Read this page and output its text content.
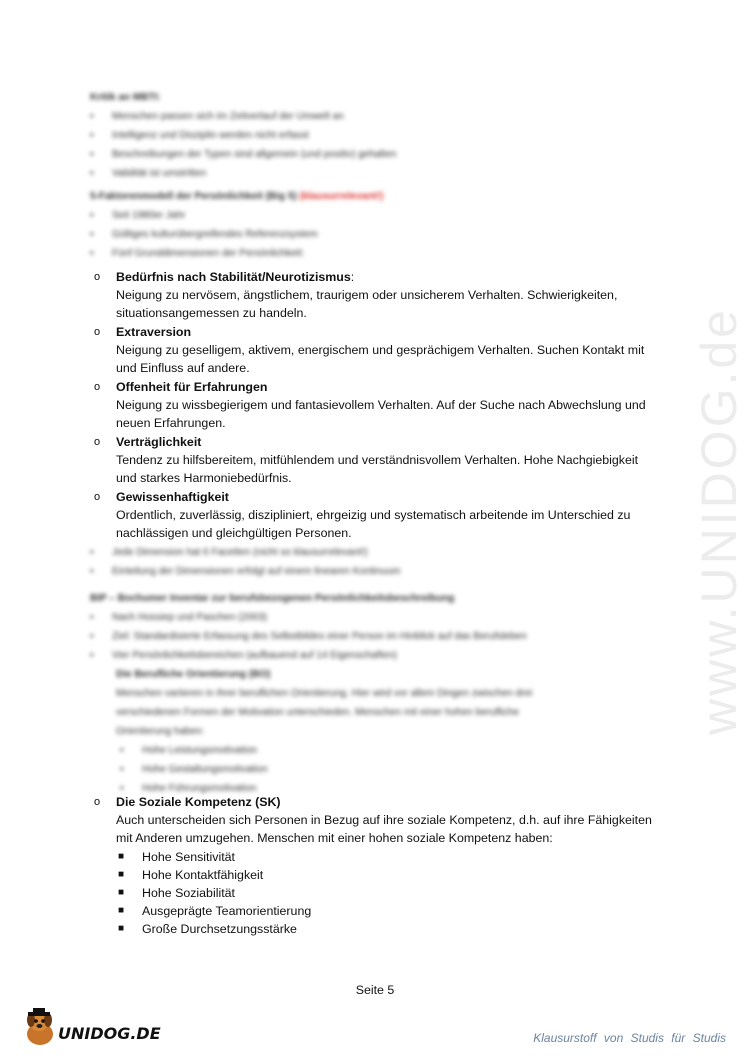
www.UNIDOG.de
Kritik an MBTI:
▪ Menschen passen sich im Zeitverlauf der Umwelt an
▪ Intelligenz und Disziplin werden nicht erfasst
▪ Beschreibungen der Typen sind allgemein (und positiv) gehalten
▪ Validität ist umstritten
5-Faktorenmodell der Persönlichkeit (Big 5) (klausurrelevant!)
▪ Seit 1980er Jahr
▪ Gültiges kulturübergreifendes Referenzsystem
▪ Fünf Grunddimensionen der Persönlichkeit:
o Bedürfnis nach Stabilität/Neurotizismus:
Neigung zu nervösem, ängstlichem, traurigem oder unsicherem Verhalten. Schwierigkeiten, situationsangemessen zu handeln.
o Extraversion
Neigung zu geselligem, aktivem, energischem und gesprächigem Verhalten. Suchen Kontakt mit und Einfluss auf andere.
o Offenheit für Erfahrungen
Neigung zu wissbegierigem und fantasievollem Verhalten. Auf der Suche nach Abwechslung und neuen Erfahrungen.
o Verträglichkeit
Tendenz zu hilfsbereitem, mitfühlendem und verständnisvollem Verhalten. Hohe Nachgiebigkeit und starkes Harmoniebedürfnis.
o Gewissenhaftigkeit
Ordentlich, zuverlässig, diszipliniert, ehrgeizig und systematisch arbeitende im Unterschied zu nachlässigen und gleichgültigen Personen.
▪ Jede Dimension hat 6 Facetten (nicht so klausurrelevant!)
▪ Einteilung der Dimensionen erfolgt auf einem linearen Kontinuum
BIP – Bochumer Inventar zur berufsbezogenen Persönlichkeitsbeschreibung
▪ Nach Hossiep und Paschen (2003)
▪ Ziel: Standardisierte Erfassung des Selbstbildes einer Person im Hinblick auf das Berufsleben
▪ Vier Persönlichkeitsbereichen (aufbauend auf 14 Eigenschaften)
Die Berufliche Orientierung (BO)
Menschen variieren in ihrer beruflichen Orientierung. Hier wird vor allem Dingen zwischen drei
verschiedenen Formen der Motivation unterschieden. Menschen mit einer hohen berufliche
Orientierung haben:
▪ Hohe Leistungsmotivation
▪ Hohe Gestaltungsmotivation
▪ Hohe Führungsmotivation
o Die Soziale Kompetenz (SK)
Auch unterscheiden sich Personen in Bezug auf ihre soziale Kompetenz, d.h. auf ihre Fähigkeiten mit Anderen umzugehen. Menschen mit einer hohen soziale Kompetenz haben:
■ Hohe Sensitivität
■ Hohe Kontaktfähigkeit
■ Hohe Soziabilität
■ Ausgeprägte Teamorientierung
■ Große Durchsetzungsstärke
Seite 5
UNIDOG.DE	Klausurstoff von Studis für Studis
